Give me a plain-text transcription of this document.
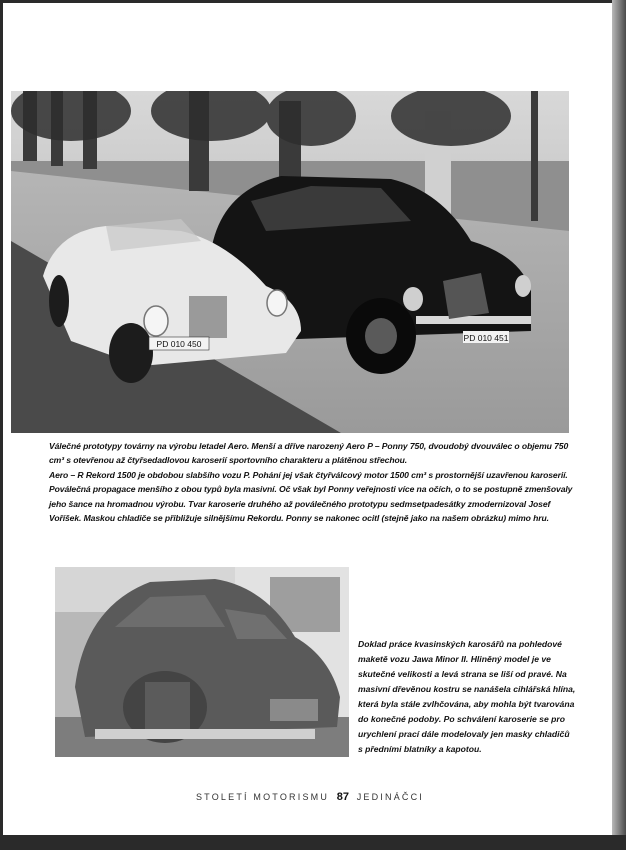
PD 010 451
PD 010 450

Válečné prototypy továrny na výrobu letadel Aero. Menší a dříve narozený Aero P – Ponny 750, dvoudobý dvouválec o objemu 750 cm³ s otevřenou až čtyřsedadlovou karoserií sportovního charakteru a plátěnou střechou.

Aero – R Rekord 1500 je obdobou slabšího vozu P. Pohání jej však čtyřválcový motor 1500 cm³ s prostornější uzavřenou karoserií.

Poválečná propagace menšího z obou typů byla masivní. Oč však byl Ponny veřejnosti více na očích, o to se postupně zmenšovaly jeho šance na hromadnou výrobu. Tvar karoserie druhého až poválečného prototypu sedmsetpadesátky zmodernizoval Josef Voříšek. Maskou chladiče se přibližuje silnějšímu Rekordu. Ponny se nakonec ocitl (stejně jako na našem obrázku) mimo hru.

Doklad práce kvasinských karosářů na pohledové maketě vozu Jawa Minor II. Hliněný model je ve skutečné velikosti a levá strana se liší od pravé. Na masivní dřevěnou kostru se nanášela cihlářská hlína, která byla stále zvlhčována, aby mohla být tvarována do konečné podoby. Po schválení karoserie se pro urychlení prací dále modelovaly jen masky chladičů s předními blatníky a kapotou.
STOLETÍ MOTORISMU 87 JEDINÁČCI
